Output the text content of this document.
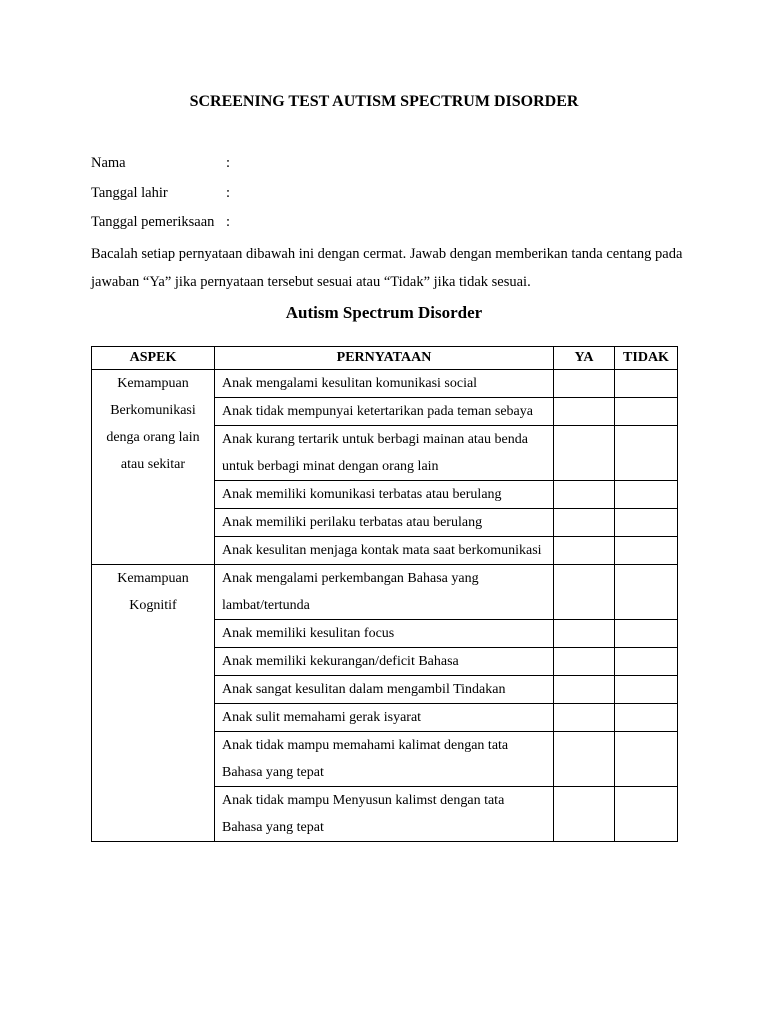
SCREENING TEST AUTISM SPECTRUM DISORDER
Nama	:
Tanggal lahir	:
Tanggal pemeriksaan :

Bacalah setiap pernyataan dibawah ini dengan cermat. Jawab dengan memberikan tanda centang pada jawaban “Ya” jika pernyataan tersebut sesuai atau “Tidak” jika tidak sesuai.

Autism Spectrum Disorder
ASPEK	PERNYATAAN	YA	TIDAK
Kemampuan Berkomunikasi denga orang lain atau sekitar	Anak mengalami kesulitan komunikasi social		
	Anak tidak mempunyai ketertarikan pada teman sebaya		
	Anak kurang tertarik untuk berbagi mainan atau benda untuk berbagi minat dengan orang lain		
	Anak memiliki komunikasi terbatas atau berulang		
	Anak memiliki perilaku terbatas atau berulang		
	Anak kesulitan menjaga kontak mata saat berkomunikasi		
Kemampuan Kognitif	Anak mengalami perkembangan Bahasa yang lambat/tertunda		
	Anak memiliki kesulitan focus		
	Anak memiliki kekurangan/deficit Bahasa		
	Anak sangat kesulitan dalam mengambil Tindakan		
	Anak sulit memahami gerak isyarat		
	Anak tidak mampu memahami kalimat dengan tata Bahasa yang tepat		
	Anak tidak mampu Menyusun kalimst dengan tata Bahasa yang tepat		
